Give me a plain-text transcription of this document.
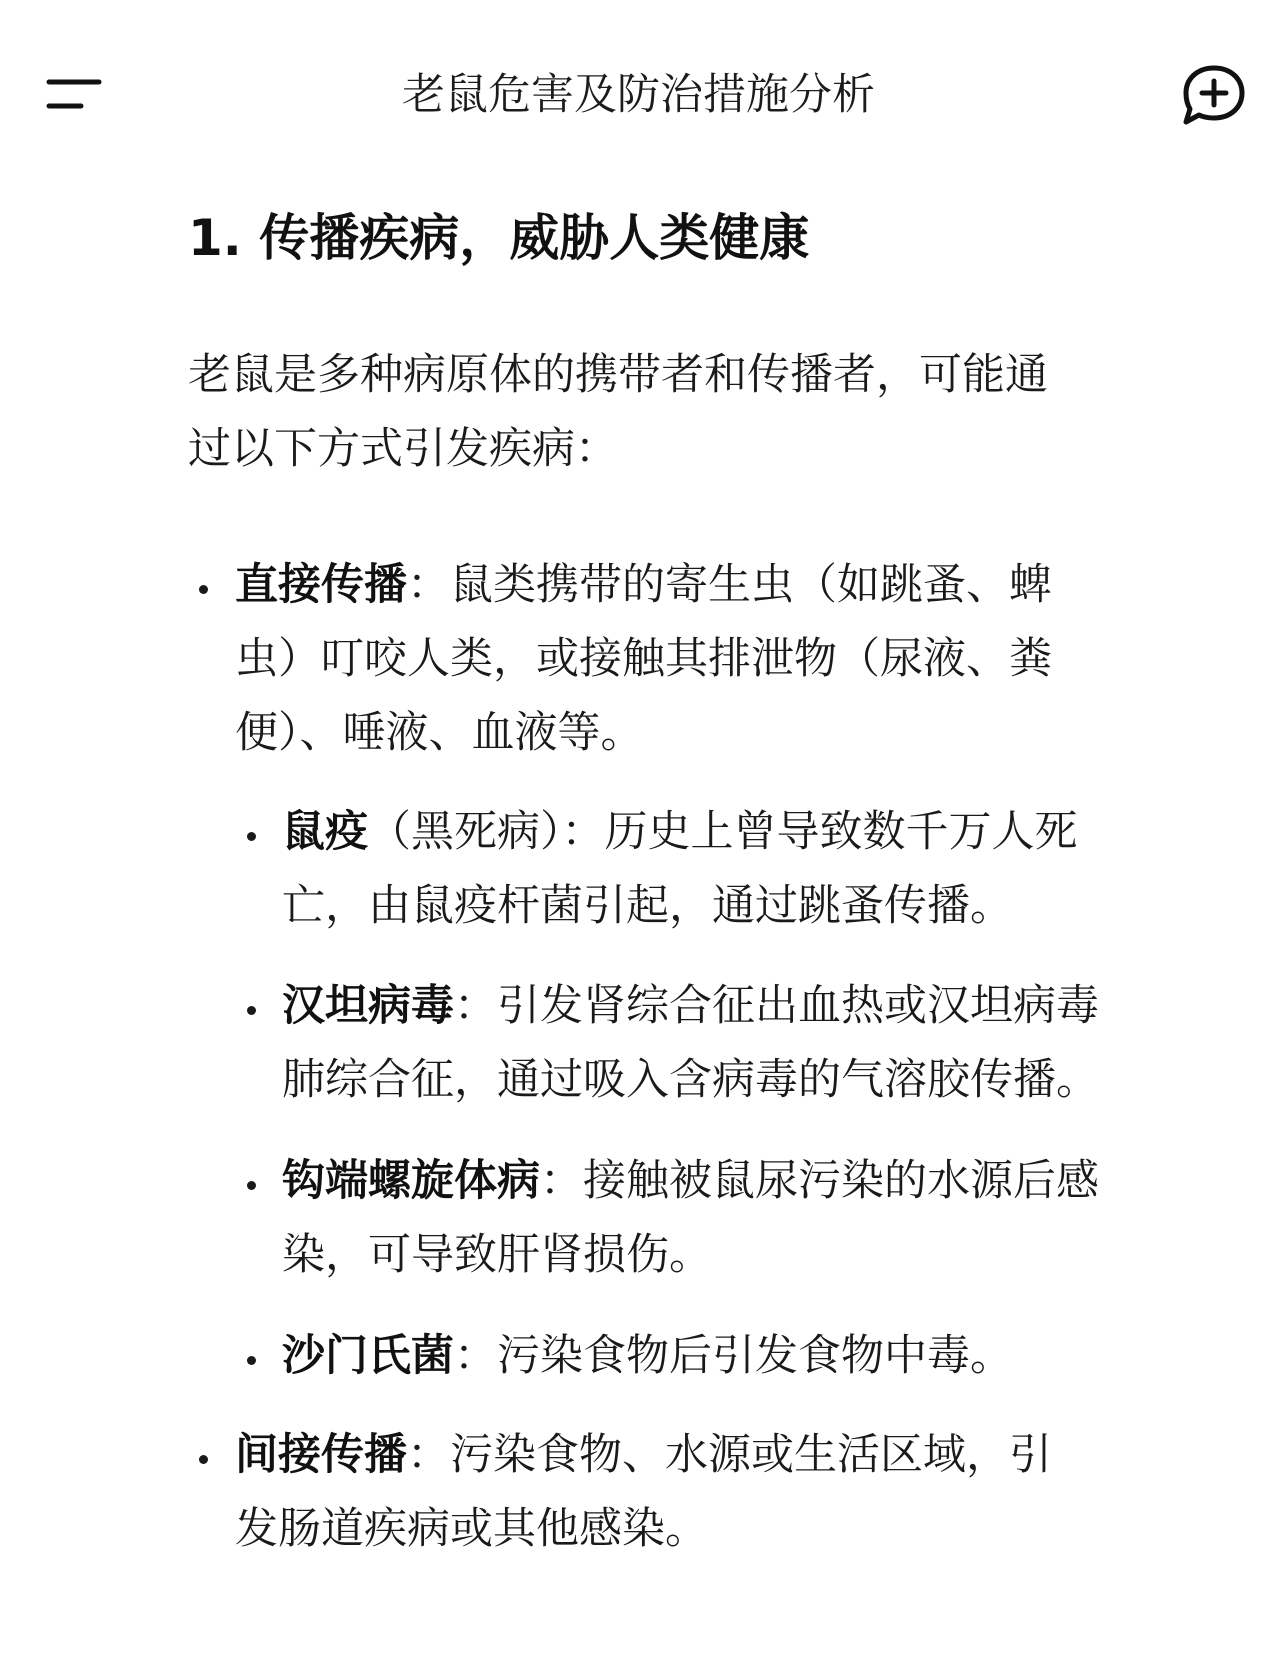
老鼠危害及防治措施分析
1. 传播疾病，威胁人类健康
老鼠是多种病原体的携带者和传播者，可能通
过以下方式引发疾病：
直接传播：鼠类携带的寄生虫（如跳蚤、蜱
虫）叮咬人类，或接触其排泄物（尿液、粪
便）、唾液、血液等。
鼠疫（黑死病）：历史上曾导致数千万人死
亡，由鼠疫杆菌引起，通过跳蚤传播。
汉坦病毒：引发肾综合征出血热或汉坦病毒
肺综合征，通过吸入含病毒的气溶胶传播。
钩端螺旋体病：接触被鼠尿污染的水源后感
染，可导致肝肾损伤。
沙门氏菌：污染食物后引发食物中毒。
间接传播：污染食物、水源或生活区域，引
发肠道疾病或其他感染。
